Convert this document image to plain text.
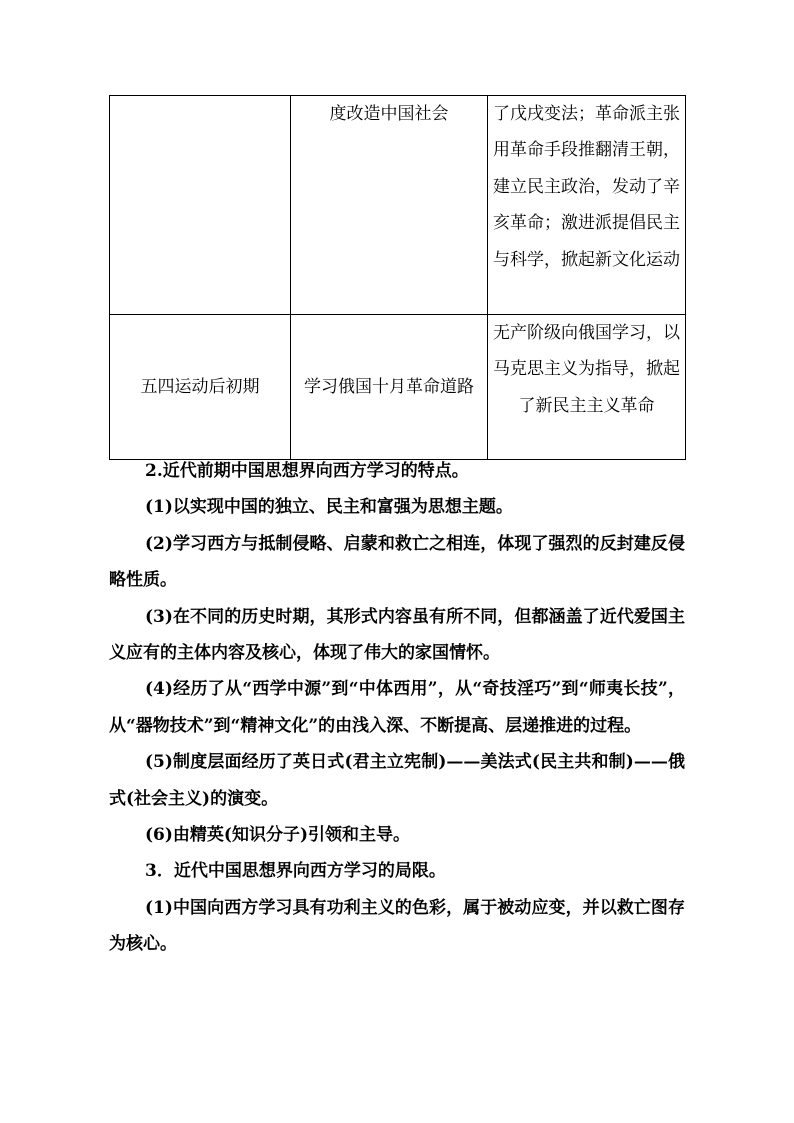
	度改造中国社会	了戊戌变法；革命派主张用革命手段推翻清王朝，建立民主政治，发动了辛亥革命；激进派提倡民主与科学，掀起新文化运动
五四运动后初期	学习俄国十月革命道路	无产阶级向俄国学习，以马克思主义为指导，掀起了新民主主义革命

2.近代前期中国思想界向西方学习的特点。

(1)以实现中国的独立、民主和富强为思想主题。

(2)学习西方与抵制侵略、启蒙和救亡之相连，体现了强烈的反封建反侵略性质。

(3)在不同的历史时期，其形式内容虽有所不同，但都涵盖了近代爱国主义应有的主体内容及核心，体现了伟大的家国情怀。

(4)经历了从“西学中源”到“中体西用”，从“奇技淫巧”到“师夷长技”，从“器物技术”到“精神文化”的由浅入深、不断提高、层递推进的过程。

(5)制度层面经历了英日式(君主立宪制)——美法式(民主共和制)——俄式(社会主义)的演变。

(6)由精英(知识分子)引领和主导。

3．近代中国思想界向西方学习的局限。

(1)中国向西方学习具有功利主义的色彩，属于被动应变，并以救亡图存为核心。
